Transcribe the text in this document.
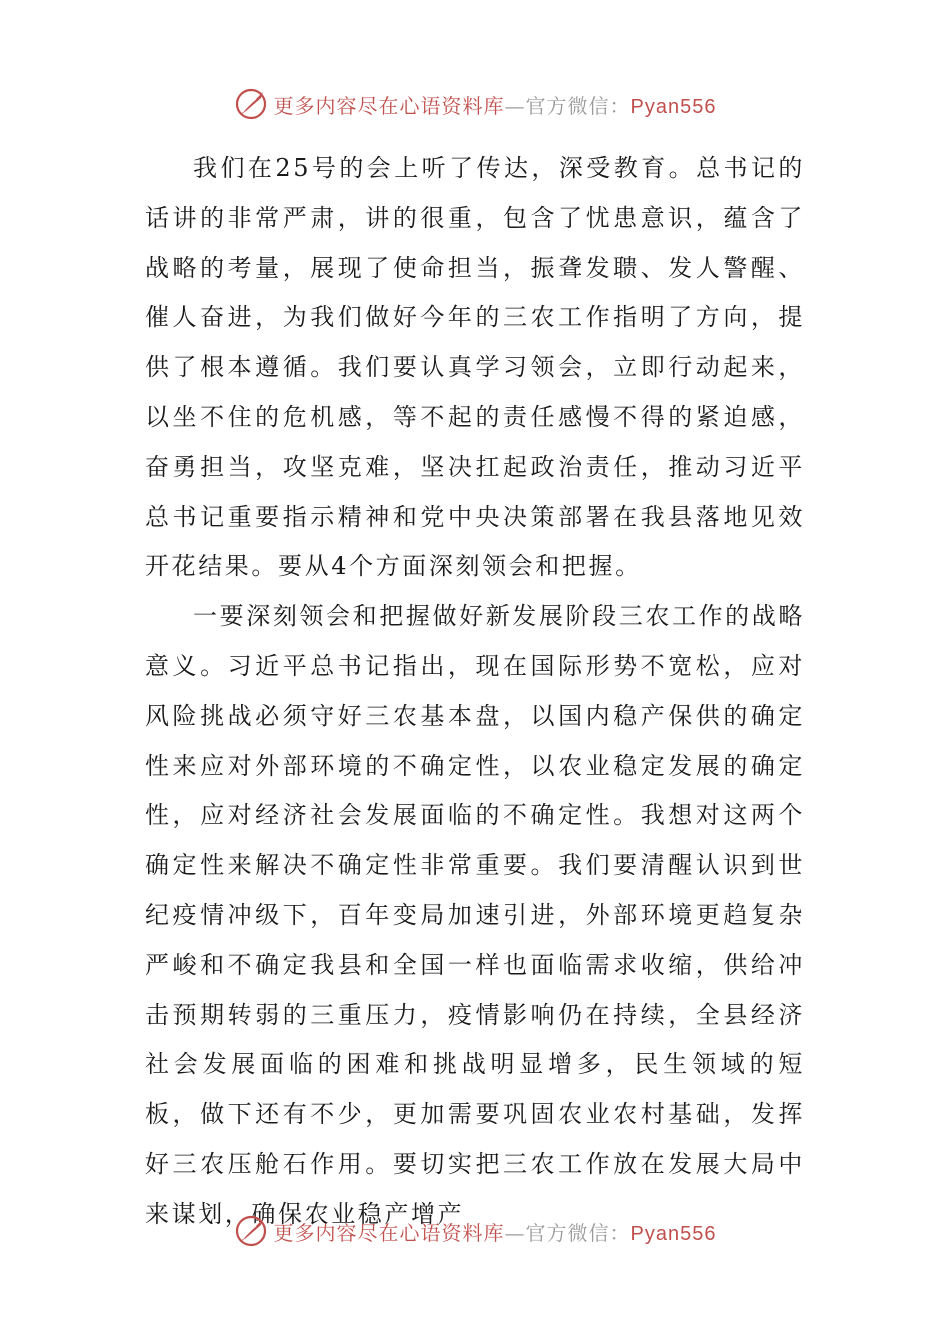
更多内容尽在心语资料库—官方微信：Pyan556

我们在25号的会上听了传达，深受教育。总书记的话讲的非常严肃，讲的很重，包含了忧患意识，蕴含了战略的考量，展现了使命担当，振聋发聩、发人警醒、催人奋进，为我们做好今年的三农工作指明了方向，提供了根本遵循。我们要认真学习领会，立即行动起来，以坐不住的危机感，等不起的责任感慢不得的紧迫感，奋勇担当，攻坚克难，坚决扛起政治责任，推动习近平总书记重要指示精神和党中央决策部署在我县落地见效开花结果。要从4个方面深刻领会和把握。

一要深刻领会和把握做好新发展阶段三农工作的战略意义。习近平总书记指出，现在国际形势不宽松，应对风险挑战必须守好三农基本盘，以国内稳产保供的确定性来应对外部环境的不确定性，以农业稳定发展的确定性，应对经济社会发展面临的不确定性。我想对这两个确定性来解决不确定性非常重要。我们要清醒认识到世纪疫情冲级下，百年变局加速引进，外部环境更趋复杂严峻和不确定我县和全国一样也面临需求收缩，供给冲击预期转弱的三重压力，疫情影响仍在持续，全县经济社会发展面临的困难和挑战明显增多，民生领域的短板，做下还有不少，更加需要巩固农业农村基础，发挥好三农压舱石作用。要切实把三农工作放在发展大局中来谋划，确保农业稳产增产

更多内容尽在心语资料库—官方微信：Pyan556
